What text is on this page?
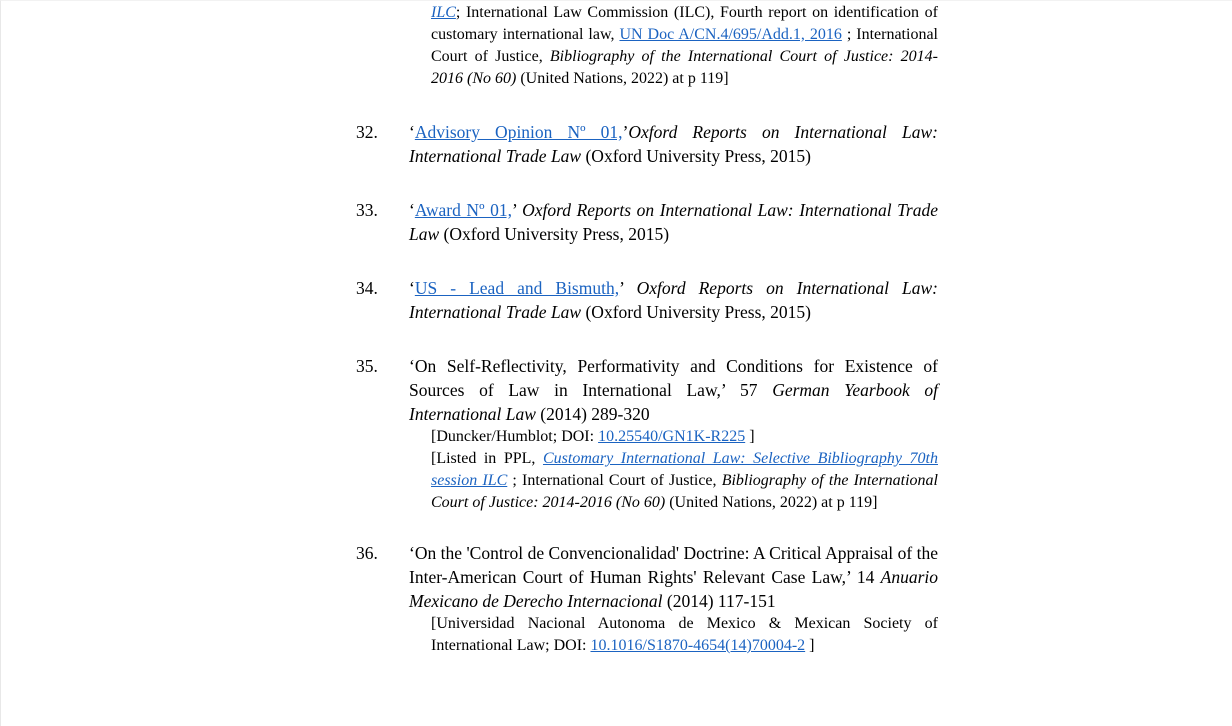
ILC; International Law Commission (ILC), Fourth report on identification of customary international law, UN Doc A/CN.4/695/Add.1, 2016 ; International Court of Justice, Bibliography of the International Court of Justice: 2014-2016 (No 60) (United Nations, 2022) at p 119]
32.	‘Advisory Opinion Nº 01,’Oxford Reports on International Law: International Trade Law (Oxford University Press, 2015)

33.	‘Award Nº 01,’ Oxford Reports on International Law: International Trade Law (Oxford University Press, 2015)

34.	‘US - Lead and Bismuth,’ Oxford Reports on International Law: International Trade Law (Oxford University Press, 2015)

35.	‘On Self-Reflectivity, Performativity and Conditions for Existence of Sources of Law in International Law,’ 57 German Yearbook of International Law (2014) 289-320

[Duncker/Humblot; DOI: 10.25540/GN1K-R225 ]

[Listed in PPL, Customary International Law: Selective Bibliography 70th session ILC ; International Court of Justice, Bibliography of the International Court of Justice: 2014-2016 (No 60) (United Nations, 2022) at p 119]

36.	‘On the 'Control de Convencionalidad' Doctrine: A Critical Appraisal of the Inter-American Court of Human Rights' Relevant Case Law,’ 14 Anuario Mexicano de Derecho Internacional (2014) 117-151

[Universidad Nacional Autonoma de Mexico & Mexican Society of International Law; DOI: 10.1016/S1870-4654(14)70004-2 ]
